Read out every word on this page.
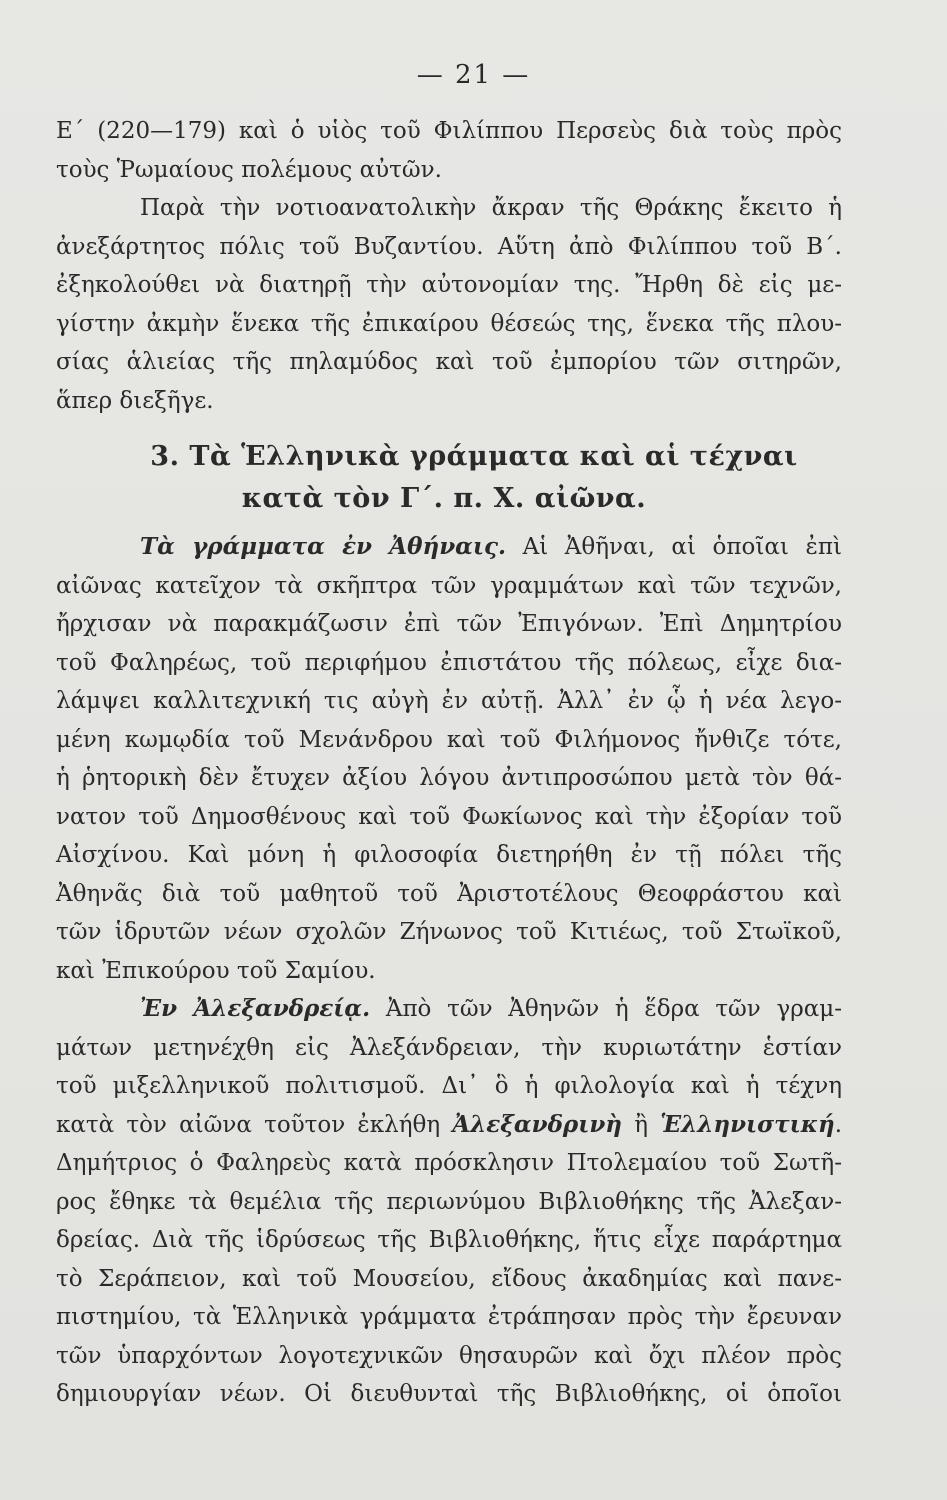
— 21 —
Ε΄ (220—179) καὶ ὁ υἱὸς τοῦ Φιλίππου Περσεὺς διὰ τοὺς πρὸς
τοὺς Ῥωμαίους πολέμους αὐτῶν.
Παρὰ τὴν νοτιοανατολικὴν ἄκραν τῆς Θράκης ἔκειτο ἡ
ἀνεξάρτητος πόλις τοῦ Βυζαντίου. Αὕτη ἀπὸ Φιλίππου τοῦ Β΄.
ἐξηκολούθει νὰ διατηρῇ τὴν αὐτονομίαν της. Ἤρθη δὲ εἰς με-
γίστην ἀκμὴν ἕνεκα τῆς ἐπικαίρου θέσεώς της, ἕνεκα τῆς πλου-
σίας ἁλιείας τῆς πηλαμύδος καὶ τοῦ ἐμπορίου τῶν σιτηρῶν,
ἅπερ διεξῆγε.
3. Τὰ Ἑλληνικὰ γράμματα καὶ αἱ τέχναι
κατὰ τὸν Γ΄. π. Χ. αἰῶνα.
Τὰ γράμματα ἐν Ἀθήναις. Αἱ Ἀθῆναι, αἱ ὁποῖαι ἐπὶ
αἰῶνας κατεῖχον τὰ σκῆπτρα τῶν γραμμάτων καὶ τῶν τεχνῶν,
ἤρχισαν νὰ παρακμάζωσιν ἐπὶ τῶν Ἐπιγόνων. Ἐπὶ Δημητρίου
τοῦ Φαληρέως, τοῦ περιφήμου ἐπιστάτου τῆς πόλεως, εἶχε δια-
λάμψει καλλιτεχνική τις αὐγὴ ἐν αὐτῇ. Ἀλλ᾽ ἐν ᾧ ἡ νέα λεγο-
μένη κωμῳδία τοῦ Μενάνδρου καὶ τοῦ Φιλήμονος ἤνθιζε τότε,
ἡ ῥητορικὴ δὲν ἔτυχεν ἀξίου λόγου ἀντιπροσώπου μετὰ τὸν θά-
νατον τοῦ Δημοσθένους καὶ τοῦ Φωκίωνος καὶ τὴν ἐξορίαν τοῦ
Αἰσχίνου. Καὶ μόνη ἡ φιλοσοφία διετηρήθη ἐν τῇ πόλει τῆς
Ἀθηνᾶς διὰ τοῦ μαθητοῦ τοῦ Ἀριστοτέλους Θεοφράστου καὶ
τῶν ἱδρυτῶν νέων σχολῶν Ζήνωνος τοῦ Κιτιέως, τοῦ Στωϊκοῦ,
καὶ Ἐπικούρου τοῦ Σαμίου.
Ἐν Ἀλεξανδρείᾳ. Ἀπὸ τῶν Ἀθηνῶν ἡ ἕδρα τῶν γραμ-
μάτων μετηνέχθη εἰς Ἀλεξάνδρειαν, τὴν κυριωτάτην ἑστίαν
τοῦ μιξελληνικοῦ πολιτισμοῦ. Δι᾽ ὃ ἡ φιλολογία καὶ ἡ τέχνη
κατὰ τὸν αἰῶνα τοῦτον ἐκλήθη Ἀλεξανδρινὴ ἢ Ἑλληνιστική.
Δημήτριος ὁ Φαληρεὺς κατὰ πρόσκλησιν Πτολεμαίου τοῦ Σωτῆ-
ρος ἔθηκε τὰ θεμέλια τῆς περιωνύμου Βιβλιοθήκης τῆς Ἀλεξαν-
δρείας. Διὰ τῆς ἱδρύσεως τῆς Βιβλιοθήκης, ἥτις εἶχε παράρτημα
τὸ Σεράπειον, καὶ τοῦ Μουσείου, εἴδους ἀκαδημίας καὶ πανε-
πιστημίου, τὰ Ἑλληνικὰ γράμματα ἐτράπησαν πρὸς τὴν ἔρευναν
τῶν ὑπαρχόντων λογοτεχνικῶν θησαυρῶν καὶ ὄχι πλέον πρὸς
δημιουργίαν νέων. Οἱ διευθυνταὶ τῆς Βιβλιοθήκης, οἱ ὁποῖοι
